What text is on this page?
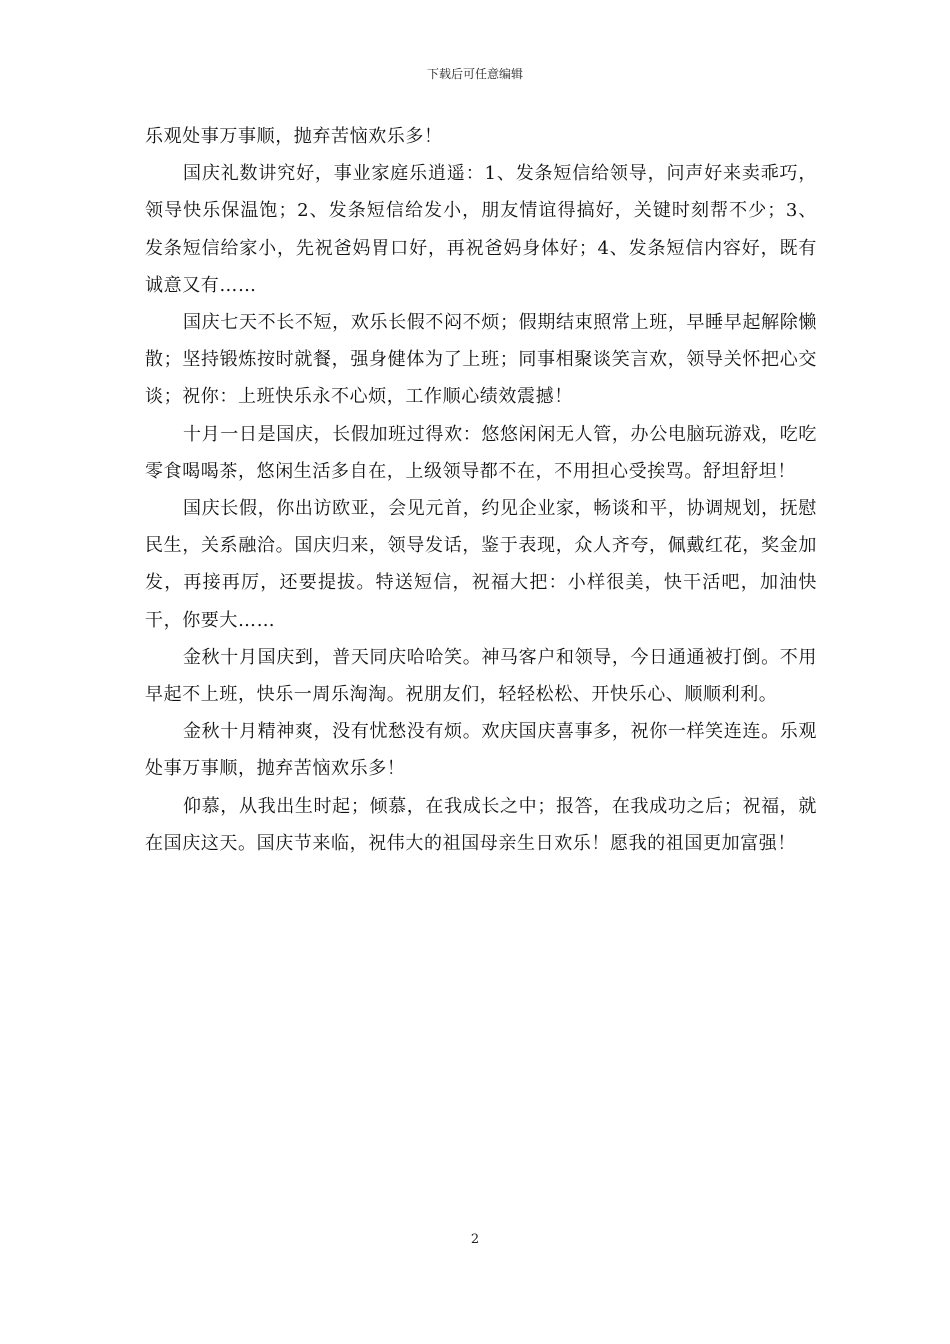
下载后可任意编辑

乐观处事万事顺，抛弃苦恼欢乐多！

国庆礼数讲究好，事业家庭乐逍遥：1、发条短信给领导，问声好来卖乖巧，领导快乐保温饱；2、发条短信给发小，朋友情谊得搞好，关键时刻帮不少；3、发条短信给家小，先祝爸妈胃口好，再祝爸妈身体好；4、发条短信内容好，既有诚意又有……

国庆七天不长不短，欢乐长假不闷不烦；假期结束照常上班，早睡早起解除懒散；坚持锻炼按时就餐，强身健体为了上班；同事相聚谈笑言欢，领导关怀把心交谈；祝你：上班快乐永不心烦，工作顺心绩效震撼！

十月一日是国庆，长假加班过得欢：悠悠闲闲无人管，办公电脑玩游戏，吃吃零食喝喝茶，悠闲生活多自在，上级领导都不在，不用担心受挨骂。舒坦舒坦！

国庆长假，你出访欧亚，会见元首，约见企业家，畅谈和平，协调规划，抚慰民生，关系融洽。国庆归来，领导发话，鉴于表现，众人齐夸，佩戴红花，奖金加发，再接再厉，还要提拔。特送短信，祝福大把：小样很美，快干活吧，加油快干，你要大……

金秋十月国庆到，普天同庆哈哈笑。神马客户和领导，今日通通被打倒。不用早起不上班，快乐一周乐淘淘。祝朋友们，轻轻松松、开快乐心、顺顺利利。

金秋十月精神爽，没有忧愁没有烦。欢庆国庆喜事多，祝你一样笑连连。乐观处事万事顺，抛弃苦恼欢乐多！

仰慕，从我出生时起；倾慕，在我成长之中；报答，在我成功之后；祝福，就在国庆这天。国庆节来临，祝伟大的祖国母亲生日欢乐！愿我的祖国更加富强！

2
